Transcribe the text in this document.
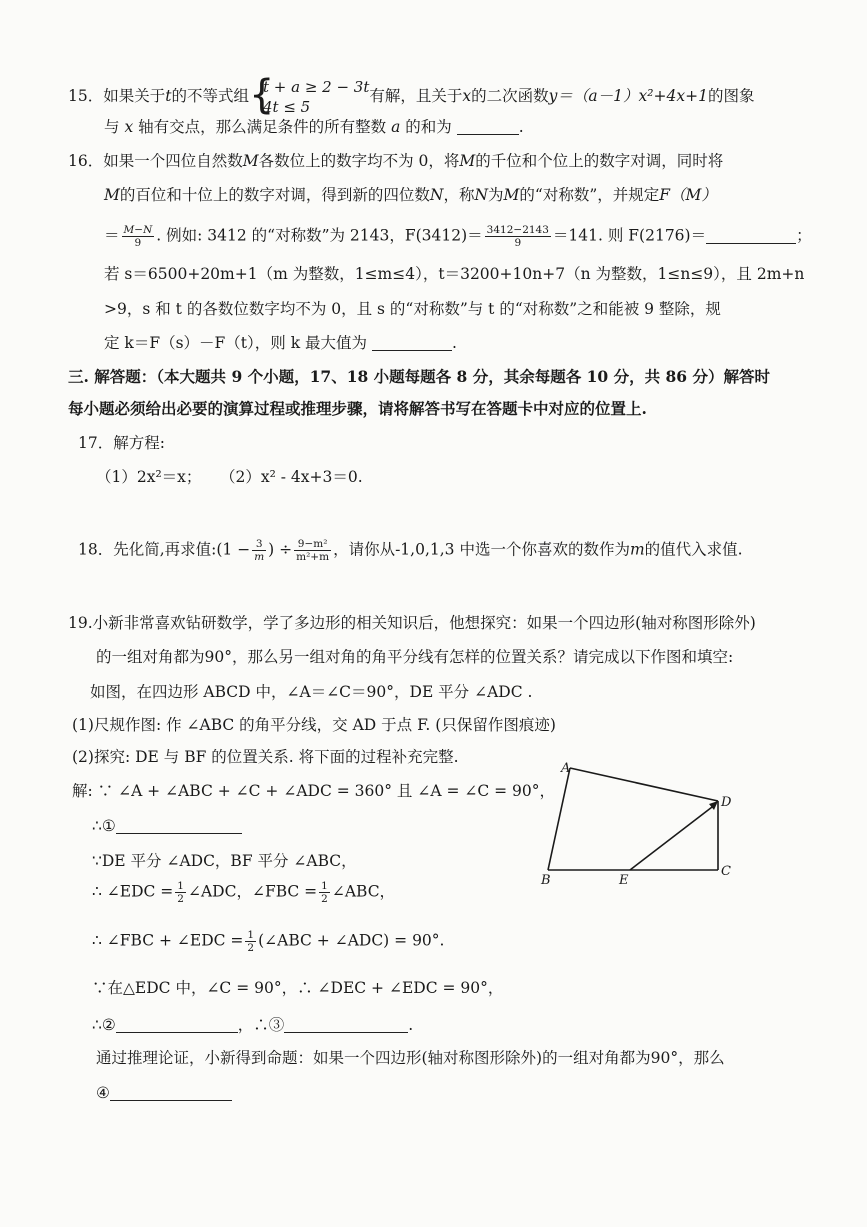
15．如果关于t的不等式组 {
t + a ≥ 2 − 3t
4t ≤ 5
有解，且关于x的二次函数y＝（a－1）x²+4x+1的图象
与 x 轴有交点，那么满足条件的所有整数 a 的和为	.
16．如果一个四位自然数M各数位上的数字均不为 0，将M的千位和个位上的数字对调，同时将
M的百位和十位上的数字对调，得到新的四位数N，称N为M的“对称数”，并规定F（M）
＝ $\frac{M-N}{9}$ . 例如: 3412 的“对称数”为 2143，$F(3412)= \frac{3412-2143}{9} =141$. 则 F(2176)＝	；
若 s＝6500+20m+1（m 为整数，1≤m≤4），t＝3200+10n+7（n 为整数，1≤n≤9），且 2m+n
>9，s 和 t 的各数位数字均不为 0，且 s 的“对称数”与 t 的“对称数”之和能被 9 整除，规
定 k＝F（s）－F（t），则 k 最大值为	.
三. 解答题：（本大题共 9 个小题，17、18 小题每题各 8 分，其余每题各 10 分，共 86 分）解答时
每小题必须给出必要的演算过程或推理步骤，请将解答书写在答题卡中对应的位置上.
17．解方程:
（1）2x²＝x； （2）x² - 4x+3＝0.
18．先化简,再求值:(1 − $\frac{3}{m}$ ) ÷ $\frac{\text{9−m²}}{\text{m²+m}}$ ，请你从-1,0,1,3 中选一个你喜欢的数作为m的值代入求值.
19.小新非常喜欢钻研数学，学了多边形的相关知识后，他想探究：如果一个四边形(轴对称图形除外)
的一组对角都为90°，那么另一组对角的角平分线有怎样的位置关系？请完成以下作图和填空:
如图，在四边形 ABCD 中，∠A＝∠C＝90°，DE 平分 ∠ADC .
(1)尺规作图: 作 ∠ABC 的角平分线，交 AD 于点 F. (只保留作图痕迹)
(2)探究: DE 与 BF 的位置关系. 将下面的过程补充完整.
解: ∵ ∠A + ∠ABC + ∠C + ∠ADC = 360° 且 ∠A = ∠C = 90°，
∴①
∵DE 平分 ∠ADC，BF 平分 ∠ABC，
∴ ∠EDC = $\frac{1}{2}$ ∠ADC，∠FBC = $\frac{1}{2}$ ∠ABC，
∴ ∠FBC + ∠EDC = $\frac{1}{2}$ (∠ABC + ∠ADC) = 90°.
∵在△EDC 中，∠C = 90°，∴ ∠DEC + ∠EDC = 90°，
∴②	，∴③	.
通过推理论证，小新得到命题：如果一个四边形(轴对称图形除外)的一组对角都为90°，那么
④
A
D
B
C
E
